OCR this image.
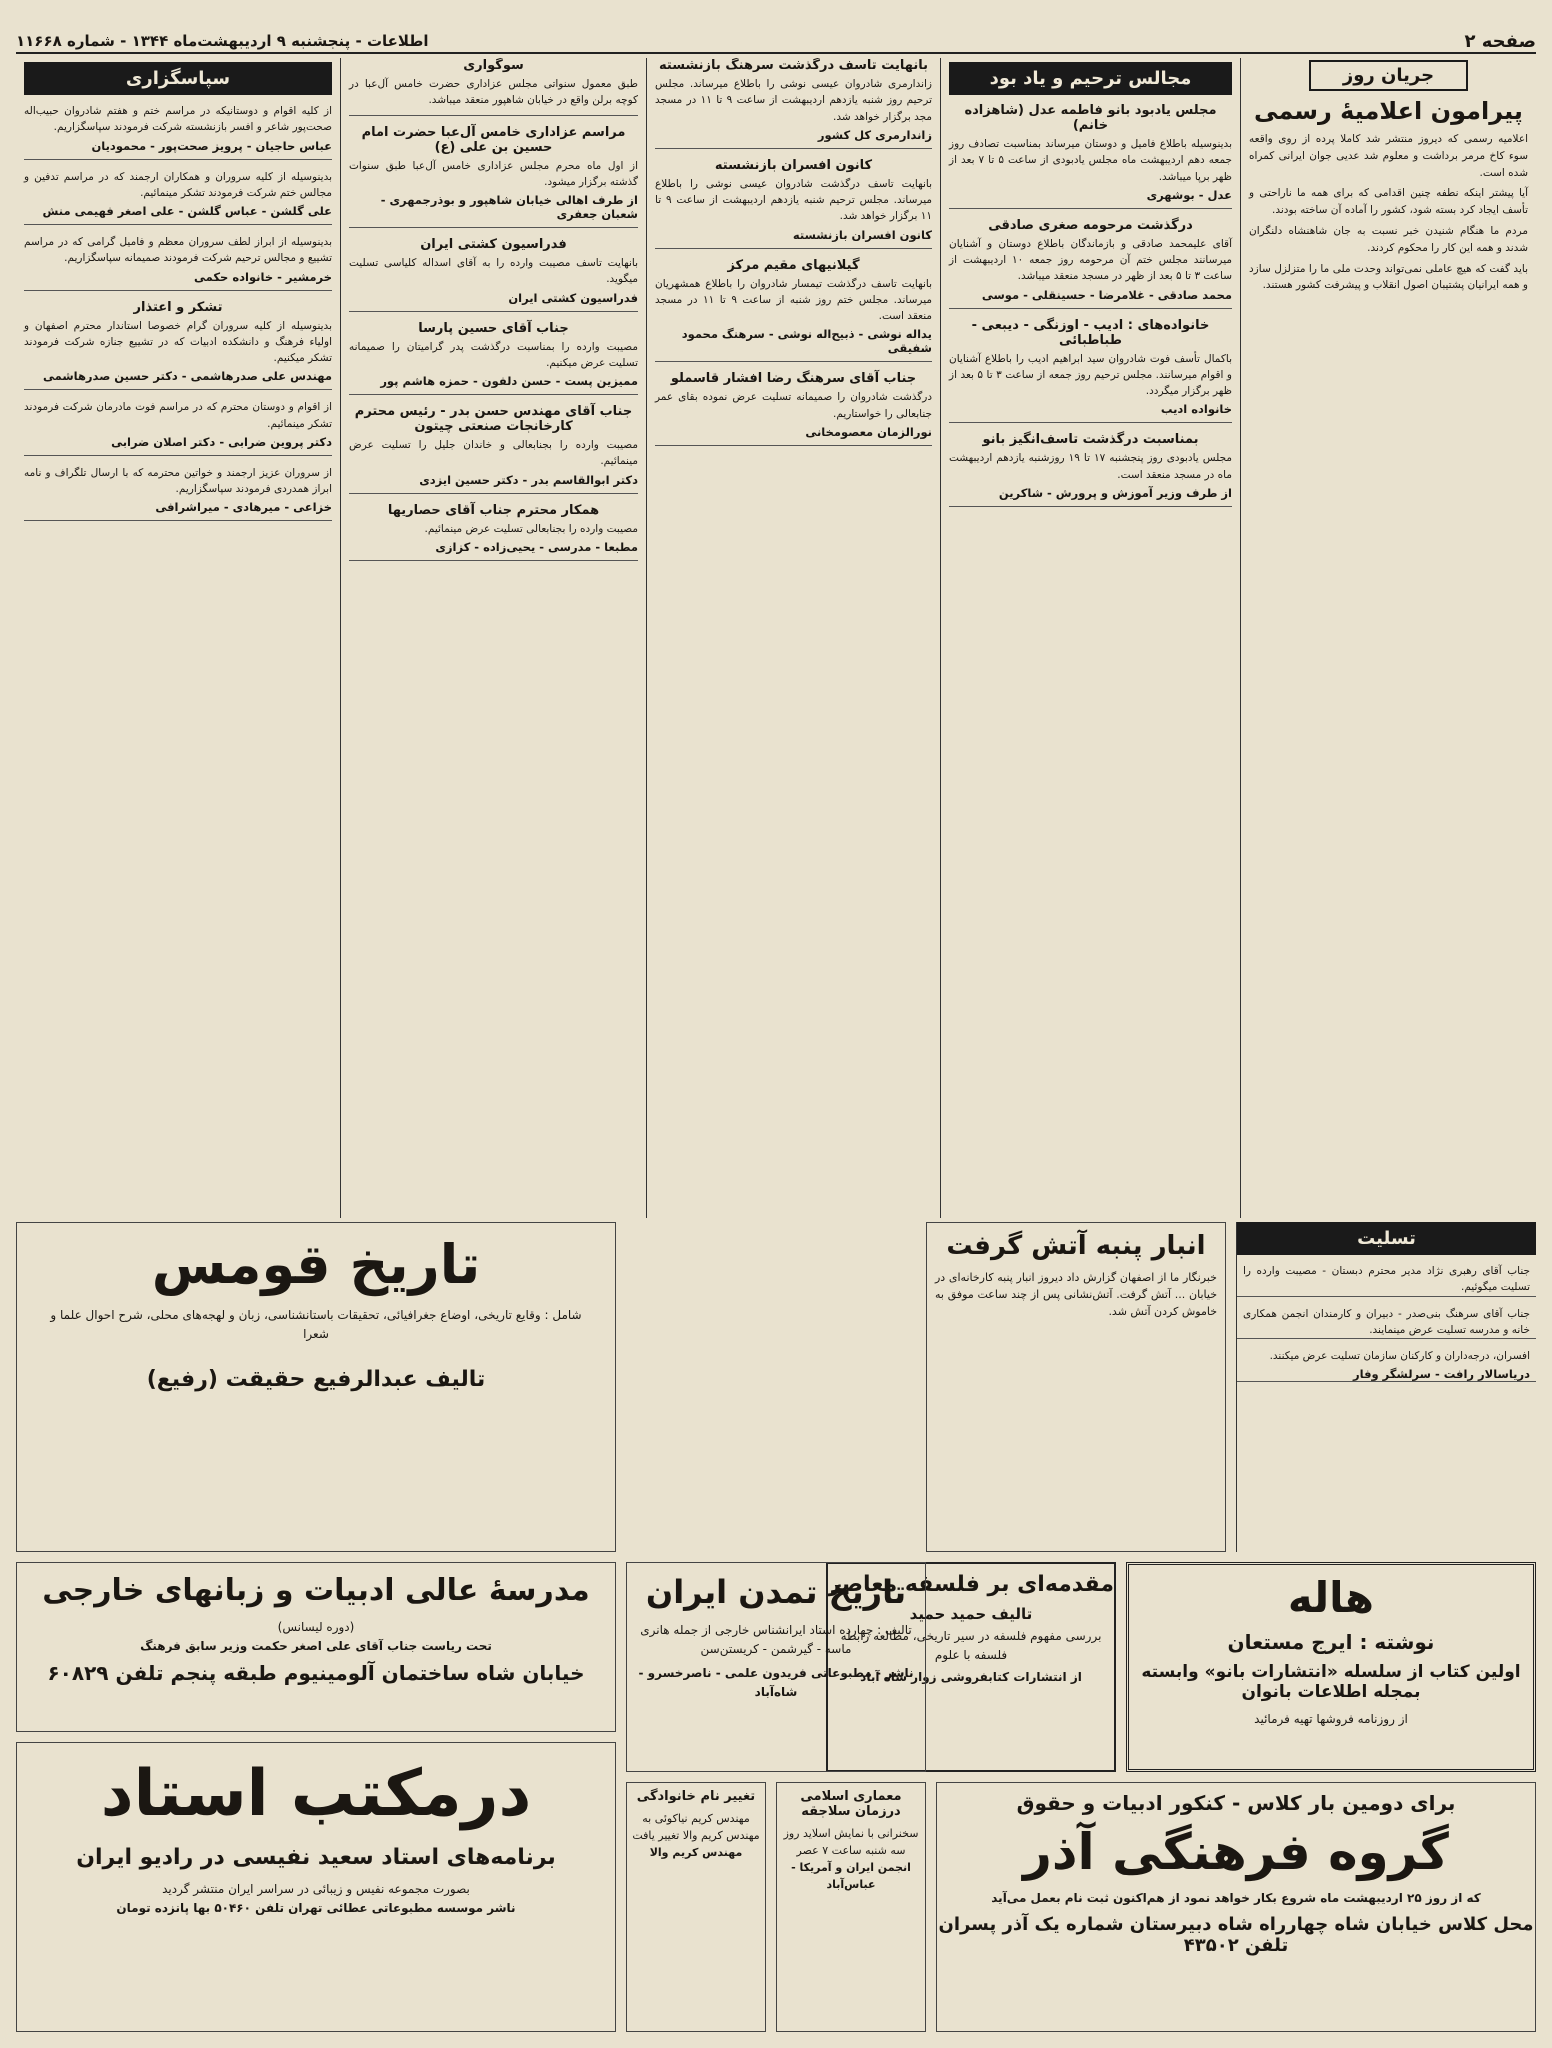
صفحه ۲
اطلاعات - پنجشنبه ۹ اردیبهشت‌ماه ۱۳۴۴ - شماره ۱۱۶۶۸
جریان روز
پیرامون اعلامیهٔ رسمی

اعلامیه رسمی که دیروز منتشر شد کاملا پرده از روی واقعه سوء کاخ مرمر برداشت و معلوم شد عدیی جوان ایرانی کمراه شده است.

آیا پیشتر اینکه نطفه چنین اقدامی که برای همه ما ناراحتی و تأسف ایجاد کرد بسته شود، کشور را آماده آن ساخته بودند.

مردم ما هنگام شنیدن خبر نسبت به جان شاهنشاه دلنگران شدند و همه این کار را محکوم کردند.

باید گفت که هیچ عاملی نمی‌تواند وحدت ملی ما را متزلزل سازد و همه ایرانیان پشتیبان اصول انقلاب و پیشرفت کشور هستند.

مجالس ترحیم و یاد بود
مجلس یادبود بانو فاطمه عدل (شاهزاده خانم)

بدینوسیله باطلاع فامیل و دوستان میرساند بمناسبت تصادف روز جمعه دهم اردیبهشت ماه مجلس یادبودی از ساعت ۵ تا ۷ بعد از ظهر برپا میباشد.

عدل - بوشهری
درگذشت مرحومه صغری صادقی

آقای علیمحمد صادقی و بازماندگان باطلاع دوستان و آشنایان میرسانند مجلس ختم آن مرحومه روز جمعه ۱۰ اردیبهشت از ساعت ۳ تا ۵ بعد از ظهر در مسجد منعقد میباشد.

محمد صادقی - غلامرضا - حسینقلی - موسی
خانواده‌های : ادیب - اوزنگی - دیبعی - طباطبائی

باکمال تأسف فوت شادروان سید ابراهیم ادیب را باطلاع آشنایان و اقوام میرسانند. مجلس ترحیم روز جمعه از ساعت ۳ تا ۵ بعد از ظهر برگزار میگردد.

خانواده ادیب
بمناسبت درگذشت تاسف‌انگیز بانو

مجلس یادبودی روز پنجشنبه ۱۷ تا ۱۹ روزشنبه یازدهم اردیبهشت ماه در مسجد منعقد است.

از طرف وزیر آموزش و پرورش - شاکرین
بانهایت تاسف درگذشت سرهنگ بازنشسته

زاندارمری شادروان عیسی نوشی را باطلاع میرساند. مجلس ترحیم روز شنبه یازدهم اردیبهشت از ساعت ۹ تا ۱۱ در مسجد مجد برگزار خواهد شد.

زاندارمری کل کشور
کانون افسران بازنشسته

بانهایت تاسف درگذشت شادروان عیسی نوشی را باطلاع میرساند. مجلس ترحیم شنبه یازدهم اردیبهشت از ساعت ۹ تا ۱۱ برگزار خواهد شد.

کانون افسران بازنشسته
گیلانیهای مقیم مرکز

بانهایت تاسف درگذشت تیمسار شادروان را باطلاع همشهریان میرساند. مجلس ختم روز شنبه از ساعت ۹ تا ۱۱ در مسجد منعقد است.

یداله نوشی - ذبیح‌اله نوشی - سرهنگ محمود شفیقی
جناب آقای سرهنگ رضا افشار قاسملو

درگذشت شادروان را صمیمانه تسلیت عرض نموده بقای عمر جنابعالی را خواستاریم.

نورالزمان معصومخانی
سوگواری

طبق معمول سنواتی مجلس عزاداری حضرت خامس آل‌عبا در کوچه برلن واقع در خیابان شاهپور منعقد میباشد.

مراسم عزاداری خامس آل‌عبا حضرت امام حسین بن علی (ع)

از اول ماه محرم مجلس عزاداری خامس آل‌عبا طبق سنوات گذشته برگزار میشود.

از طرف اهالی خیابان شاهپور و بوذرجمهری - شعبان جعفری
فدراسیون کشتی ایران

بانهایت تاسف مصیبت وارده را به آقای اسداله کلیاسی تسلیت میگوید.

فدراسیون کشتی ایران
جناب آقای حسین پارسا

مصیبت وارده را بمناسبت درگذشت پدر گرامیتان را صمیمانه تسلیت عرض میکنیم.

ممیزین پست - حسن دلفون - حمزه هاشم پور
جناب آقای مهندس حسن بدر - رئیس محترم کارخانجات صنعتی چیتون

مصیبت وارده را بجنابعالی و خاندان جلیل را تسلیت عرض مینمائیم.

دکتر ابوالقاسم بدر - دکتر حسین ایزدی
همکار محترم جناب آقای حصاریها

مصیبت وارده را بجنابعالی تسلیت عرض مینمائیم.

مطبعا - مدرسی - یحیی‌زاده - کزازی
سپاسگزاری

از کلیه اقوام و دوستانیکه در مراسم ختم و هفتم شادروان حبیب‌اله صحت‌پور شاعر و افسر بازنشسته شرکت فرمودند سپاسگزاریم.

عباس حاجیان - پرویز صحت‌پور - محمودیان

بدینوسیله از کلیه سروران و همکاران ارجمند که در مراسم تدفین و مجالس ختم شرکت فرمودند تشکر مینمائیم.

علی گلشن - عباس گلشن - علی اصغر فهیمی منش

بدینوسیله از ابراز لطف سروران معظم و فامیل گرامی که در مراسم تشییع و مجالس ترحیم شرکت فرمودند صمیمانه سپاسگزاریم.

خرمشیر - خانواده حکمی
تشکر و اعتذار

بدینوسیله از کلیه سروران گرام خصوصا استاندار محترم اصفهان و اولیاء فرهنگ و دانشکده ادبیات که در تشییع جنازه شرکت فرمودند تشکر میکنیم.

مهندس علی صدرهاشمی - دکتر حسین صدرهاشمی

از اقوام و دوستان محترم که در مراسم فوت مادرمان شرکت فرمودند تشکر مینمائیم.

دکتر پروین ضرابی - دکتر اصلان ضرابی

از سروران عزیز ارجمند و خواتین محترمه که با ارسال تلگراف و نامه ابراز همدردی فرمودند سپاسگزاریم.

خزاعی - میرهادی - میراشرافی
تسلیت

جناب آقای رهبری نژاد مدیر محترم دبستان - مصیبت وارده را تسلیت میگوئیم.

جناب آقای سرهنگ بنی‌صدر - دبیران و کارمندان انجمن همکاری خانه و مدرسه تسلیت عرض مینمایند.

افسران، درجه‌داران و کارکنان سازمان تسلیت عرض میکنند.

دریاسالار رافت - سرلشگر وفار
انبار پنبه آتش گرفت
خبرنگار ما از اصفهان گزارش داد دیروز انبار پنبه کارخانه‌ای در خیابان ... آتش گرفت. آتش‌نشانی پس از چند ساعت موفق به خاموش کردن آتش شد.
تاریخ قومس
شامل : وقایع تاریخی، اوضاع جغرافیائی، تحقیقات باستانشناسی، زبان و لهجه‌های محلی، شرح احوال علما و شعرا
تالیف عبدالرفیع حقیقت (رفیع)
مدرسهٔ عالی ادبیات و زبانهای خارجی
(دوره لیسانس)
تحت ریاست جناب آقای علی اصغر حکمت وزیر سابق فرهنگ
خیابان شاه ساختمان آلومینیوم طبقه پنجم تلفن ۶۰۸۲۹
هاله
نوشته : ایرج مستعان
اولین کتاب از سلسله «انتشارات بانو» وابسته بمجله اطلاعات بانوان
از روزنامه فروشها تهیه فرمائید
مقدمه‌ای بر فلسفه معاصر
تالیف حمید حمید
بررسی مفهوم فلسفه در سیر تاریخی، مطالعه رابطه فلسفه با علوم
از انتشارات کتابفروشی زوار شاه آباد
تاریخ تمدن ایران
تالیف : چهارده استاد ایرانشناس خارجی از جمله هانری ماسه - گیرشمن - کریستن‌سن
ناشر - مطبوعاتی فریدون علمی - ناصرخسرو - شاه‌آباد
درمکتب استاد
برنامه‌های استاد سعید نفیسی در رادیو ایران
بصورت مجموعه نفیس و زیبائی در سراسر ایران منتشر گردید
ناشر موسسه مطبوعاتی عطائی تهران تلفن ۵۰۴۶۰ بها پانزده تومان
تغییر نام خانوادگی
مهندس کریم نیاکوئی به مهندس کریم والا تغییر یافت
مهندس کریم والا
معماری اسلامی درزمان سلاجقه
سخنرانی با نمایش اسلاید روز سه شنبه ساعت ۷ عصر
انجمن ایران و آمریکا - عباس‌آباد
برای دومین بار کلاس - کنکور ادبیات و حقوق
گروه فرهنگی آذر
که از روز ۲۵ اردیبهشت ماه شروع بکار خواهد نمود از هم‌اکنون ثبت نام بعمل می‌آید
محل کلاس خیابان شاه چهارراه شاه دبیرستان شماره یک آذر پسران تلفن ۴۳۵۰۲
